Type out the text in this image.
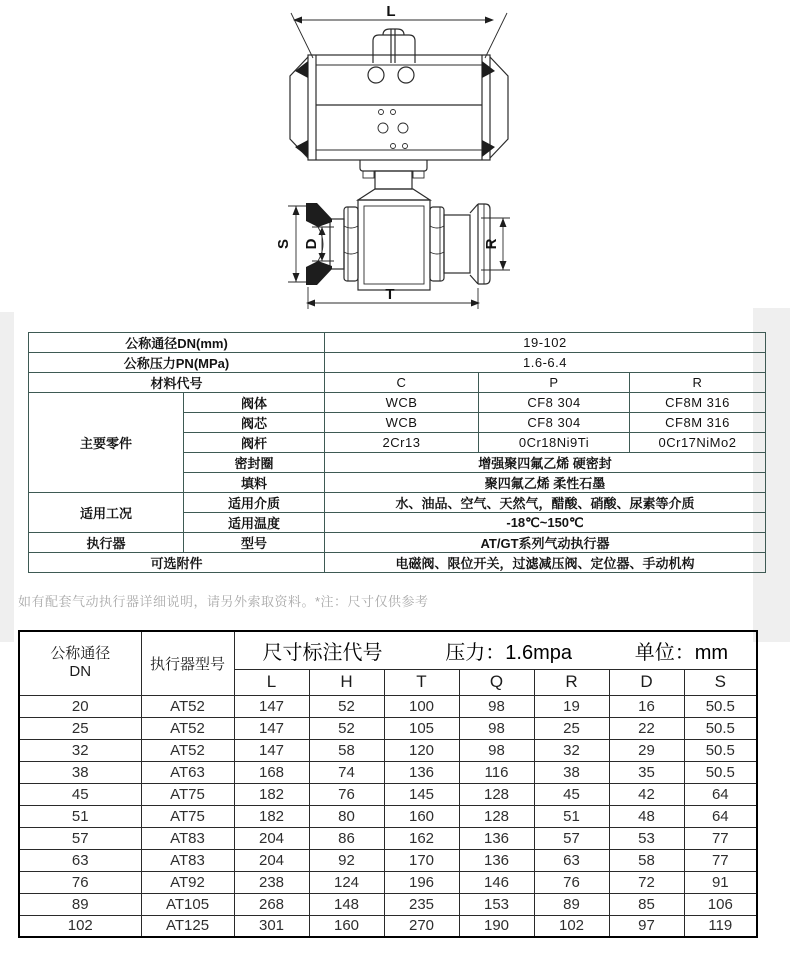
L
S D	R
T
公称通径DN(mm)		19-102		
公称压力PN(MPa)		1.6-6.4		
材料代号		C	P	R
主要零件	阀体	WCB	CF8 304	CF8M 316
	阀芯	WCB	CF8 304	CF8M 316
	阀杆	2Cr13	0Cr18Ni9Ti	0Cr17NiMo2
	密封圈	增强聚四氟乙烯 硬密封		
	填料	聚四氟乙烯 柔性石墨		
适用工况	适用介质	水、油品、空气、天然气，醋酸、硝酸、尿素等介质		
	适用温度	-18℃~150℃		
执行器	型号	AT/GT系列气动执行器		
可选附件		电磁阀、限位开关，过滤减压阀、定位器、手动机构		
如有配套气动执行器详细说明，请另外索取资料。*注：尺寸仅供参考
公称通径
DN	执行器型号	尺寸标注代号 压力：1.6mpa 单位：mm						

		L	H	T	Q	R	D	S
20	AT52	147	52	100	98	19	16	50.5
25	AT52	147	52	105	98	25	22	50.5
32	AT52	147	58	120	98	32	29	50.5
38	AT63	168	74	136	116	38	35	50.5
45	AT75	182	76	145	128	45	42	64
51	AT75	182	80	160	128	51	48	64
57	AT83	204	86	162	136	57	53	77
63	AT83	204	92	170	136	63	58	77
76	AT92	238	124	196	146	76	72	91
89	AT105	268	148	235	153	89	85	106
102	AT125	301	160	270	190	102	97	119
